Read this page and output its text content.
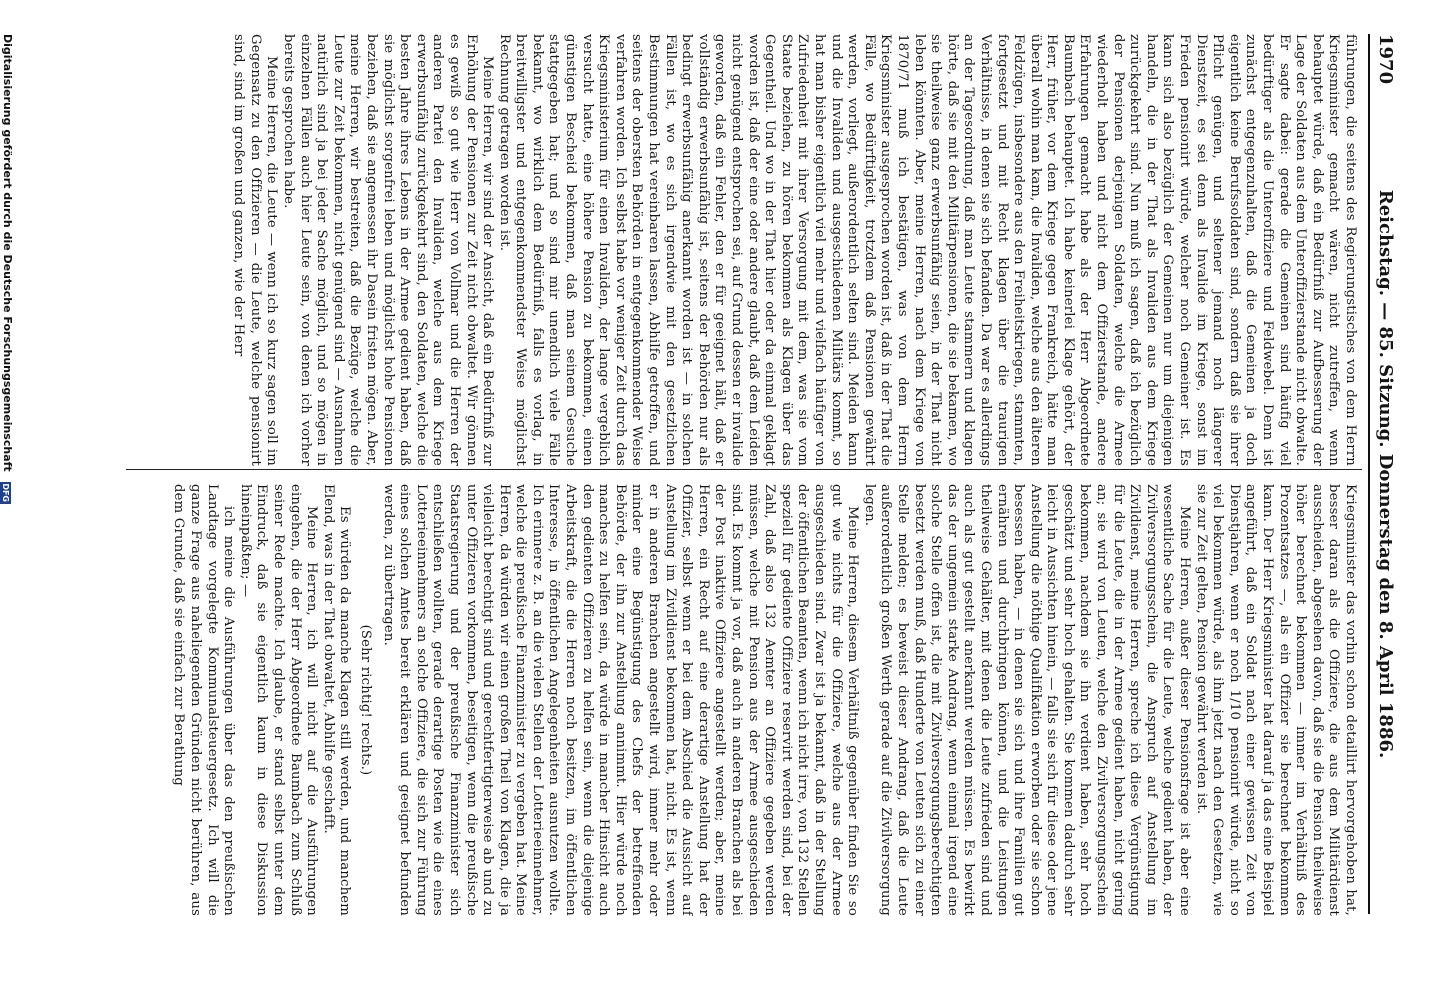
1970
Reichstag. — 85. Sitzung. Donnerstag den 8. April 1886.

führungen, die seitens des Regierungstisches von dem Herrn Kriegsminister gemacht wären, nicht zutreffen, wenn behauptet würde, daß ein Bedürfniß zur Aufbesserung der Lage der Soldaten aus dem Unteroffizierstande nicht obwalte. Er sagte dabei: gerade die Gemeinen sind häufig viel bedürftiger als die Unteroffiziere und Feldwebel. Denn ist zunächst entgegenzuhalten, daß die Gemeinen ja doch eigentlich keine Berufssoldaten sind, sondern daß sie ihrer Pflicht genügen, und seltener jemand noch längerer Dienstzeit, es sei denn als Invalide im Kriege, sonst im Frieden pensionirt würde, welcher noch Gemeiner ist. Es kann sich also bezüglich der Gemeinen nur um diejenigen handeln, die in der That als Invaliden aus dem Kriege zurückgekehrt sind. Nun muß ich sagen, daß ich bezüglich der Pensionen derjenigen Soldaten, welche die Armee wiederholt haben und nicht dem Offizierstande, andere Erfahrungen gemacht habe als der Herr Abgeordnete Baumbach behauptet. Ich habe keinerlei Klage gehört, der Herr, früher, vor dem Kriege gegen Frankreich, hätte man überall wohin man kam, die Invaliden, welche aus den älteren Feldzügen, insbesondere aus den Freiheitskriegen, stammten, fortgesetzt und mit Recht klagen über die traurigen Verhältnisse, in denen sie sich befanden. Da war es allerdings an der Tagesordnung, daß man Leute stammern und klagen hörte, daß sie mit den Militärpensionen, die sie bekamen, wo sie theilweise ganz erwerbsunfähig seien, in der That nicht leben könnten. Aber, meine Herren, nach dem Kriege von 1870/71 muß ich bestätigen, was von dem Herrn Kriegsminister ausgesprochen worden ist, daß in der That die Fälle, wo Bedürftigkeit, trotzdem daß Pensionen gewährt werden, vorliegt, außerordentlich selten sind. Meiden kann und die Invaliden und ausgeschiedenen Militärs kommt, so hat man bisher eigentlich viel mehr und vielfach häufiger von Zufriedenheit mit ihrer Versorgung mit dem, was sie vom Staate beziehen, zu hören bekommen als Klagen über das Gegentheil. Und wo in der That hier oder da einmal geklagt worden ist, daß der eine oder andere glaubt, daß dem Leiden nicht genügend entsprochen sei, auf Grund dessen er invalide geworden, daß ein Fehler, den er für geeignet hält, daß er vollständig erwerbsunfähig ist, seitens der Behörden nur als bedingt erwerbsunfähig anerkannt worden ist — in solchen Fällen ist, wo es sich irgendwie mit den gesetzlichen Bestimmungen hat vereinbaren lassen, Abhilfe getroffen, und seitens der obersten Behörden in entgegenkommender Weise verfahren worden. Ich selbst habe vor weniger Zeit durch das Kriegsministerium für einen Invaliden, der lange vergeblich versucht hatte, eine höhere Pension zu bekommen, einen günstigen Bescheid bekommen, daß man seinem Gesuche stattgegeben hat; und so sind mir unendlich viele Fälle bekannt, wo wirklich dem Bedürfniß, falls es vorlag, in breitwilligster und entgegenkommendster Weise möglichst Rechnung getragen worden ist.

Meine Herren, wir sind der Ansicht, daß ein Bedürfniß zur Erhöhung der Pensionen zur Zeit nicht obwaltet. Wir gönnen es gewiß so gut wie Herr von Vollmar und die Herren der anderen Partei den Invaliden, welche aus dem Kriege erwerbsunfähig zurückgekehrt sind, den Soldaten, welche die besten Jahre ihres Lebens in der Armee gedient haben, daß sie möglichst sorgenfrei leben und möglichst hohe Pensionen beziehen, daß sie angemessen ihr Dasein fristen mögen. Aber, meine Herren, wir bestreiten, daß die Bezüge, welche die Leute zur Zeit bekommen, nicht genügend sind — Ausnahmen natürlich sind ja bei jeder Sache möglich, und so mögen in einzelnen Fällen auch hier Leute sein, von denen ich vorher bereits gesprochen habe.

Meine Herren, die Leute — wenn ich so kurz sagen soll im Gegensatz zu den Offizieren — die Leute, welche pensionirt sind, sind im großen und ganzen, wie der Herr

Kriegsminister das vorhin schon detaillirt hervorgehoben hat, besser daran als die Offiziere, die aus dem Militärdienst ausscheiden, abgesehen davon, daß sie die Pension theilweise höher berechnet bekommen — immer im Verhältniß des Prozentsatzes —, als ein Offizier sie berechnet bekommen kann. Der Herr Kriegsminister hat darauf ja das eine Beispiel angeführt, daß ein Soldat nach einer gewissen Zeit von Dienstjahren, wenn er noch 1/10 pensionirt würde, nicht so viel bekommen würde, als ihm jetzt nach den Gesetzen, wie sie zur Zeit gelten, Pension gewährt werden ist.

Meine Herren, außer dieser Pensionsfrage ist aber eine wesentliche Sache für die Leute, welche gedient haben, der Zivilversorgungsschein, die Anspruch auf Anstellung im Zivildienst, meine Herren, spreche ich diese Vergünstigung für die Leute, die in der Armee gedient haben, nicht gering an; sie wird von Leuten, welche den Zivilversorgungsschein bekommen, nachdem sie ihn verdient haben, sehr hoch geschätzt und sehr hoch gehalten. Sie kommen dadurch sehr leicht in Aussichten hinein, — falls sie sich für diese oder jene Anstellung die nöthige Qualifikation erworben oder sie schon besessen haben, — in denen sie sich und ihre Familien gut ernähren und durchbringen können, und die Leistungen theilweise Gehälter, mit denen die Leute zufrieden sind und auch als gut gestellt anerkannt werden müssen. Es bewirkt das der ungemein starke Andrang, wenn einmal irgend eine solche Stelle offen ist, die mit Zivilversorgungsberechtigten besetzt werden muß, daß Hunderte von Leuten sich zu einer Stelle melden; es beweist dieser Andrang, daß die Leute außerordentlich großen Werth gerade auf die Zivilversorgung legen.

Meine Herren, diesem Verhältniß gegenüber finden Sie so gut wie nichts für die Offiziere, welche aus der Armee ausgeschieden sind. Zwar ist ja bekannt, daß in der Stellung der öffentlichen Beamten, wenn ich nicht irre, von 132 Stellen speziell für gediente Offiziere reservirt werden sind, bei der Zahl, daß also 132 Aemter an Offiziere gegeben werden müssen, welche mit Pension aus der Armee ausgeschieden sind. Es kommt ja vor, daß auch in anderen Branchen als bei der Post inaktive Offiziere angestellt werden; aber, meine Herren, ein Recht auf eine derartige Anstellung hat der Offizier, selbst wenn er bei dem Abschied die Aussicht auf Anstellung im Zivildienst bekommen hat, nicht. Es ist, wenn er in anderen Branchen angestellt wird, immer mehr oder minder eine Begünstigung des Chefs der betreffenden Behörde, der ihn zur Anstellung annimmt. Hier würde noch manches zu helfen sein, da würde in mancher Hinsicht auch den gedienten Offizieren zu helfen sein, wenn die diejenige Arbeitskraft, die die Herren noch besitzen, im öffentlichen Interesse, in öffentlichen Angelegenheiten ausnutzen wollte. Ich erinnere z. B. an die vielen Stellen der Lotterieeinnehmer, welche die preußische Finanzminister zu vergeben hat. Meine Herren, da würden wir einen großen Theil von Klagen, die ja vielleicht berechtigt sind und gerechtfertigterweise ab und zu unter Offizieren vorkommen, beseitigen, wenn die preußische Staatsregierung und der preußische Finanzminister sich entschließen wollten, gerade derartige Posten wie die eines Lotterieeinnehmers an solche Offiziere, die sich zur Führung eines solchen Amtes bereit erklären und geeignet befunden werden, zu übertragen.

(Sehr richtig! rechts.)

Es würden da manche Klagen still werden, und manchem Elend, was in der That obwaltet, Abhilfe geschafft.

Meine Herren, ich will nicht auf die Ausführungen eingehen, die der Herr Abgeordnete Baumbach zum Schluß seiner Rede machte. Ich glaube, er stand selbst unter dem Eindruck, daß sie eigentlich kaum in diese Diskussion hineinpaßten; —

ich meine die Ausführungen über das den preußischen Landtage vorgelegte Kommunalsteuergesetz. Ich will die ganze Frage aus naheliegenden Gründen nicht berühren, aus dem Grunde, daß sie einfach zur Berathung

Digitalisierung gefördert durch die Deutsche ForschungsgemeinschaftDFG
